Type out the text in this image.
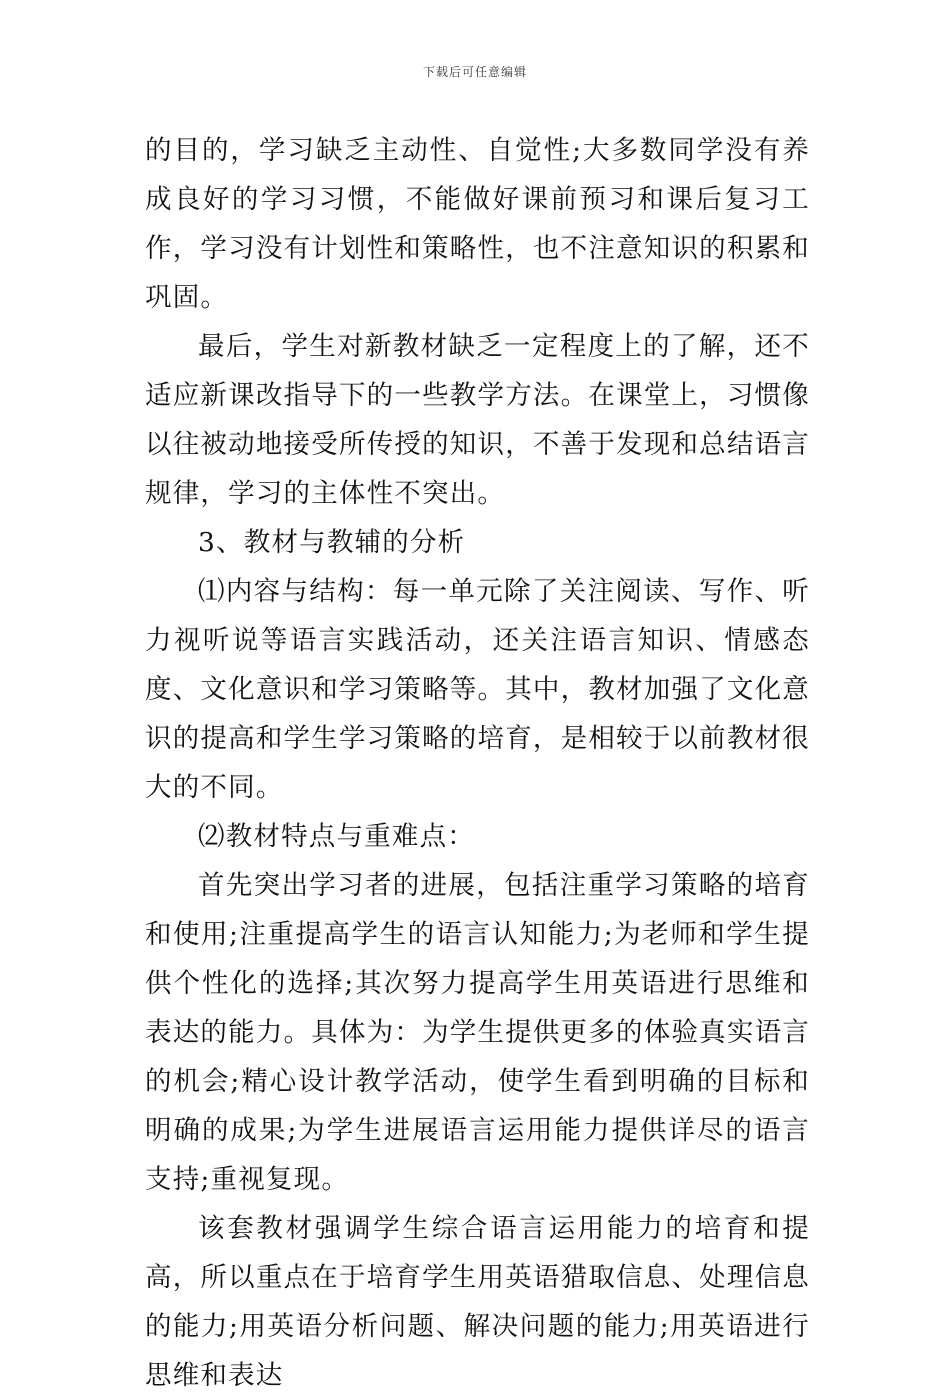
下载后可任意编辑

的目的，学习缺乏主动性、自觉性;大多数同学没有养成良好的学习习惯，不能做好课前预习和课后复习工作，学习没有计划性和策略性，也不注意知识的积累和巩固。

最后，学生对新教材缺乏一定程度上的了解，还不适应新课改指导下的一些教学方法。在课堂上，习惯像以往被动地接受所传授的知识，不善于发现和总结语言规律，学习的主体性不突出。

3、教材与教辅的分析

⑴内容与结构：每一单元除了关注阅读、写作、听力视听说等语言实践活动，还关注语言知识、情感态度、文化意识和学习策略等。其中，教材加强了文化意识的提高和学生学习策略的培育，是相较于以前教材很大的不同。

⑵教材特点与重难点：

首先突出学习者的进展，包括注重学习策略的培育和使用;注重提高学生的语言认知能力;为老师和学生提供个性化的选择;其次努力提高学生用英语进行思维和表达的能力。具体为：为学生提供更多的体验真实语言的机会;精心设计教学活动，使学生看到明确的目标和明确的成果;为学生进展语言运用能力提供详尽的语言支持;重视复现。

该套教材强调学生综合语言运用能力的培育和提高，所以重点在于培育学生用英语猎取信息、处理信息的能力;用英语分析问题、解决问题的能力;用英语进行思维和表达
